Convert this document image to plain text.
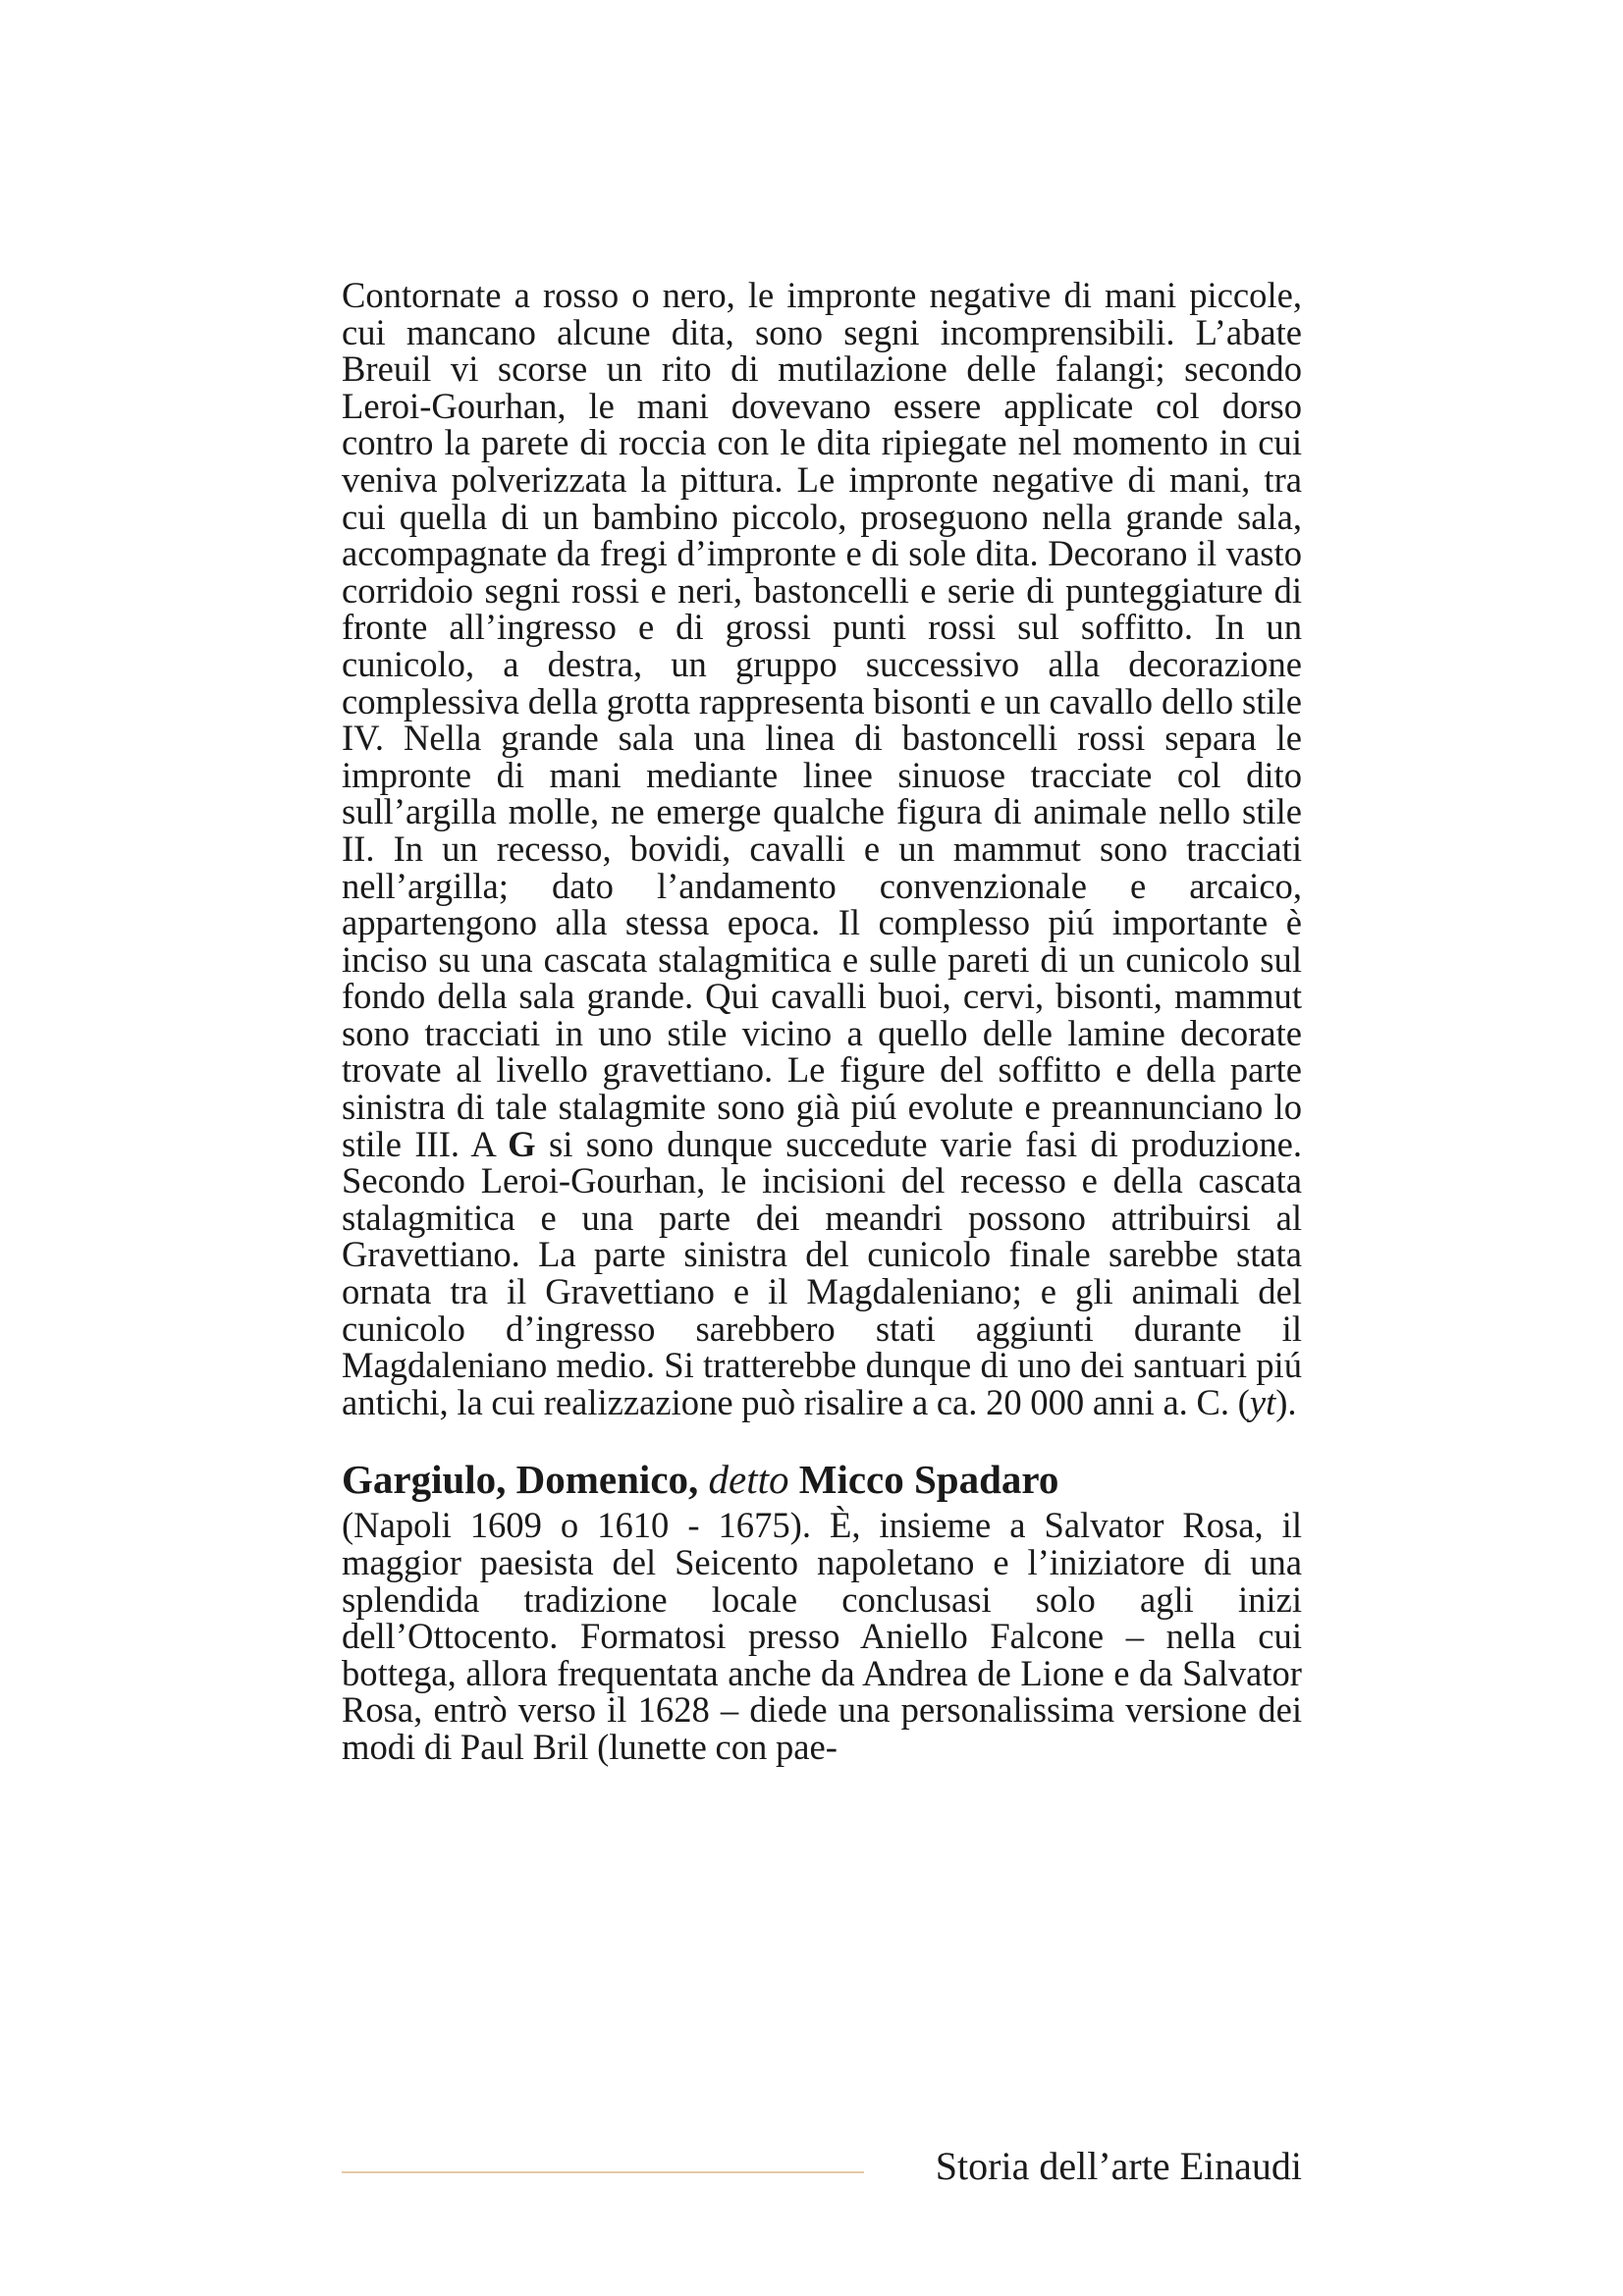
Contornate a rosso o nero, le impronte negative di mani piccole, cui mancano alcune dita, sono segni incomprensibili. L’abate Breuil vi scorse un rito di mutilazione delle falangi; secondo Leroi-Gourhan, le mani dovevano essere applicate col dorso contro la parete di roccia con le dita ripiegate nel momento in cui veniva polverizzata la pittura. Le impronte negative di mani, tra cui quella di un bambino piccolo, proseguono nella grande sala, accompagnate da fregi d’impronte e di sole dita. Decorano il vasto corridoio segni rossi e neri, bastoncelli e serie di punteggiature di fronte all’ingresso e di grossi punti rossi sul soffitto. In un cunicolo, a destra, un gruppo successivo alla decorazione complessiva della grotta rappresenta bisonti e un cavallo dello stile IV. Nella grande sala una linea di bastoncelli rossi separa le impronte di mani mediante linee sinuose tracciate col dito sull’argilla molle, ne emerge qualche figura di animale nello stile II. In un recesso, bovidi, cavalli e un mammut sono tracciati nell’argilla; dato l’andamento convenzionale e arcaico, appartengono alla stessa epoca. Il complesso piú importante è inciso su una cascata stalagmitica e sulle pareti di un cunicolo sul fondo della sala grande. Qui cavalli buoi, cervi, bisonti, mammut sono tracciati in uno stile vicino a quello delle lamine decorate trovate al livello gravettiano. Le figure del soffitto e della parte sinistra di tale stalagmite sono già piú evolute e preannunciano lo stile III. A G si sono dunque succedute varie fasi di produzione. Secondo Leroi-Gourhan, le incisioni del recesso e della cascata stalagmitica e una parte dei meandri possono attribuirsi al Gravettiano. La parte sinistra del cunicolo finale sarebbe stata ornata tra il Gravettiano e il Magdaleniano; e gli animali del cunicolo d’ingresso sarebbero stati aggiunti durante il Magdaleniano medio. Si tratterebbe dunque di uno dei santuari piú antichi, la cui realizzazione può risalire a ca. 20 000 anni a. C. (yt).

Gargiulo, Domenico, detto Micco Spadaro

(Napoli 1609 o 1610 - 1675). È, insieme a Salvator Rosa, il maggior paesista del Seicento napoletano e l’iniziatore di una splendida tradizione locale conclusasi solo agli inizi dell’Ottocento. Formatosi presso Aniello Falcone – nella cui bottega, allora frequentata anche da Andrea de Lione e da Salvator Rosa, entrò verso il 1628 – diede una personalissima versione dei modi di Paul Bril (lunette con pae-

Storia dell’arte Einaudi
